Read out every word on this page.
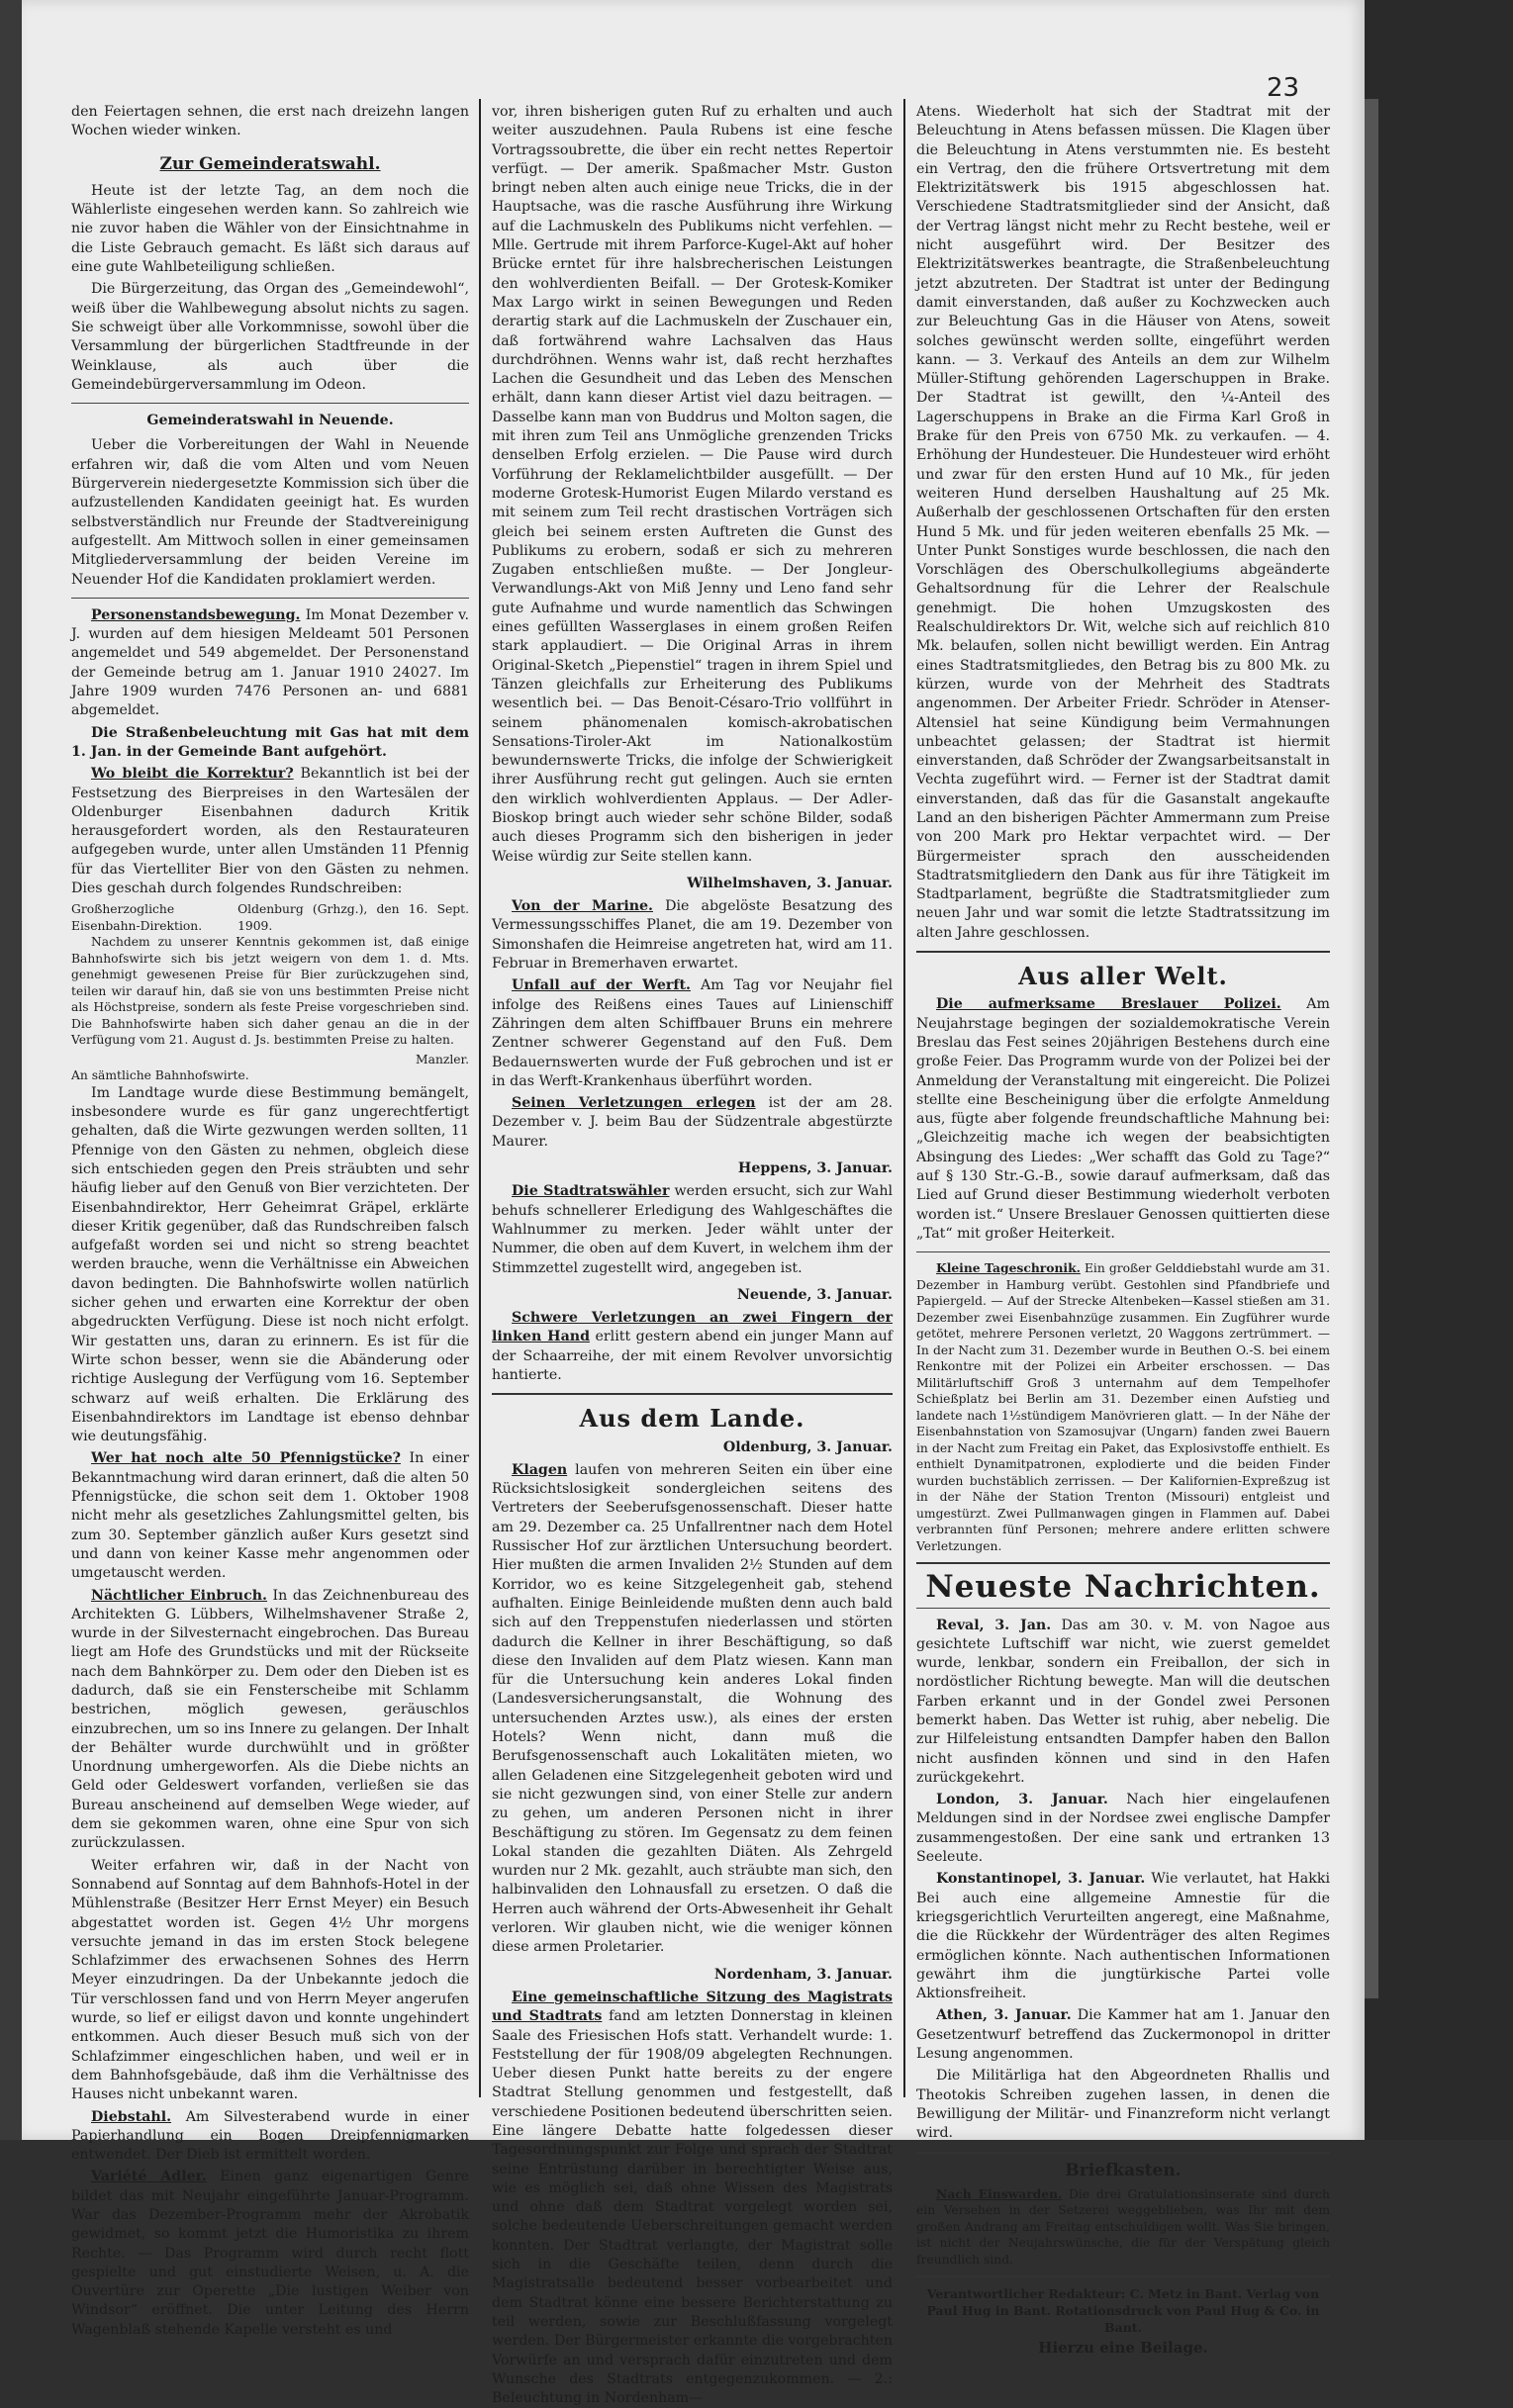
23

den Feiertagen sehnen, die erst nach dreizehn langen Wochen wieder winken.

Zur Gemeinderatswahl.

Heute ist der letzte Tag, an dem noch die Wählerliste eingesehen werden kann. So zahlreich wie nie zuvor haben die Wähler von der Einsichtnahme in die Liste Gebrauch gemacht. Es läßt sich daraus auf eine gute Wahlbeteiligung schließen.

Die Bürgerzeitung, das Organ des „Gemeindewohl“, weiß über die Wahlbewegung absolut nichts zu sagen. Sie schweigt über alle Vorkommnisse, sowohl über die Versammlung der bürgerlichen Stadtfreunde in der Weinklause, als auch über die Gemeindebürgerversammlung im Odeon.

Gemeinderatswahl in Neuende.

Ueber die Vorbereitungen der Wahl in Neuende erfahren wir, daß die vom Alten und vom Neuen Bürgerverein niedergesetzte Kommission sich über die aufzustellenden Kandidaten geeinigt hat. Es wurden selbstverständlich nur Freunde der Stadtvereinigung aufgestellt. Am Mittwoch sollen in einer gemeinsamen Mitgliederversammlung der beiden Vereine im Neuender Hof die Kandidaten proklamiert werden.

Personenstandsbewegung. Im Monat Dezember v. J. wurden auf dem hiesigen Meldeamt 501 Personen angemeldet und 549 abgemeldet. Der Personenstand der Gemeinde betrug am 1. Januar 1910 24027. Im Jahre 1909 wurden 7476 Personen an- und 6881 abgemeldet.

Die Straßenbeleuchtung mit Gas hat mit dem 1. Jan. in der Gemeinde Bant aufgehört.

Wo bleibt die Korrektur? Bekanntlich ist bei der Festsetzung des Bierpreises in den Wartesälen der Oldenburger Eisenbahnen dadurch Kritik herausgefordert worden, als den Restaurateuren aufgegeben wurde, unter allen Umständen 11 Pfennig für das Viertelliter Bier von den Gästen zu nehmen. Dies geschah durch folgendes Rundschreiben:

Großherzogliche Eisenbahn-Direktion.
Oldenburg (Grhzg.), den 16. Sept. 1909.

Nachdem zu unserer Kenntnis gekommen ist, daß einige Bahnhofswirte sich bis jetzt weigern von dem 1. d. Mts. genehmigt gewesenen Preise für Bier zurückzugehen sind, teilen wir darauf hin, daß sie von uns bestimmten Preise nicht als Höchstpreise, sondern als feste Preise vorgeschrieben sind. Die Bahnhofswirte haben sich daher genau an die in der Verfügung vom 21. August d. Js. bestimmten Preise zu halten.

Manzler.
An sämtliche Bahnhofswirte.

Im Landtage wurde diese Bestimmung bemängelt, insbesondere wurde es für ganz ungerechtfertigt gehalten, daß die Wirte gezwungen werden sollten, 11 Pfennige von den Gästen zu nehmen, obgleich diese sich entschieden gegen den Preis sträubten und sehr häufig lieber auf den Genuß von Bier verzichteten. Der Eisenbahndirektor, Herr Geheimrat Gräpel, erklärte dieser Kritik gegenüber, daß das Rundschreiben falsch aufgefaßt worden sei und nicht so streng beachtet werden brauche, wenn die Verhältnisse ein Abweichen davon bedingten. Die Bahnhofswirte wollen natürlich sicher gehen und erwarten eine Korrektur der oben abgedruckten Verfügung. Diese ist noch nicht erfolgt. Wir gestatten uns, daran zu erinnern. Es ist für die Wirte schon besser, wenn sie die Abänderung oder richtige Auslegung der Verfügung vom 16. September schwarz auf weiß erhalten. Die Erklärung des Eisenbahndirektors im Landtage ist ebenso dehnbar wie deutungsfähig.

Wer hat noch alte 50 Pfennigstücke? In einer Bekanntmachung wird daran erinnert, daß die alten 50 Pfennigstücke, die schon seit dem 1. Oktober 1908 nicht mehr als gesetzliches Zahlungsmittel gelten, bis zum 30. September gänzlich außer Kurs gesetzt sind und dann von keiner Kasse mehr angenommen oder umgetauscht werden.

Nächtlicher Einbruch. In das Zeichnenbureau des Architekten G. Lübbers, Wilhelmshavener Straße 2, wurde in der Silvesternacht eingebrochen. Das Bureau liegt am Hofe des Grundstücks und mit der Rückseite nach dem Bahnkörper zu. Dem oder den Dieben ist es dadurch, daß sie ein Fensterscheibe mit Schlamm bestrichen, möglich gewesen, geräuschlos einzubrechen, um so ins Innere zu gelangen. Der Inhalt der Behälter wurde durchwühlt und in größter Unordnung umhergeworfen. Als die Diebe nichts an Geld oder Geldeswert vorfanden, verließen sie das Bureau anscheinend auf demselben Wege wieder, auf dem sie gekommen waren, ohne eine Spur von sich zurückzulassen.

Weiter erfahren wir, daß in der Nacht von Sonnabend auf Sonntag auf dem Bahnhofs-Hotel in der Mühlenstraße (Besitzer Herr Ernst Meyer) ein Besuch abgestattet worden ist. Gegen 4½ Uhr morgens versuchte jemand in das im ersten Stock belegene Schlafzimmer des erwachsenen Sohnes des Herrn Meyer einzudringen. Da der Unbekannte jedoch die Tür verschlossen fand und von Herrn Meyer angerufen wurde, so lief er eiligst davon und konnte ungehindert entkommen. Auch dieser Besuch muß sich von der Schlafzimmer eingeschlichen haben, und weil er in dem Bahnhofsgebäude, daß ihm die Verhältnisse des Hauses nicht unbekannt waren.

Diebstahl. Am Silvesterabend wurde in einer Papierhandlung ein Bogen Dreipfennigmarken entwendet. Der Dieb ist ermittelt worden.

Variété Adler. Einen ganz eigenartigen Genre bildet das mit Neujahr eingeführte Januar-Programm. War das Dezember-Programm mehr der Akrobatik gewidmet, so kommt jetzt die Humoristika zu ihrem Rechte. — Das Programm wird durch recht flott gespielte und gut einstudierte Weisen, u. A. die Ouvertüre zur Operette „Die lustigen Weiber von Windsor“ eröffnet. Die unter Leitung des Herrn Wagenblaß stehende Kapelle versteht es und

vor, ihren bisherigen guten Ruf zu erhalten und auch weiter auszudehnen. Paula Rubens ist eine fesche Vortragssoubrette, die über ein recht nettes Repertoir verfügt. — Der amerik. Spaßmacher Mstr. Guston bringt neben alten auch einige neue Tricks, die in der Hauptsache, was die rasche Ausführung ihre Wirkung auf die Lachmuskeln des Publikums nicht verfehlen. — Mlle. Gertrude mit ihrem Parforce-Kugel-Akt auf hoher Brücke erntet für ihre halsbrecherischen Leistungen den wohlverdienten Beifall. — Der Grotesk-Komiker Max Largo wirkt in seinen Bewegungen und Reden derartig stark auf die Lachmuskeln der Zuschauer ein, daß fortwährend wahre Lachsalven das Haus durchdröhnen. Wenns wahr ist, daß recht herzhaftes Lachen die Gesundheit und das Leben des Menschen erhält, dann kann dieser Artist viel dazu beitragen. — Dasselbe kann man von Buddrus und Molton sagen, die mit ihren zum Teil ans Unmögliche grenzenden Tricks denselben Erfolg erzielen. — Die Pause wird durch Vorführung der Reklamelichtbilder ausgefüllt. — Der moderne Grotesk-Humorist Eugen Milardo verstand es mit seinem zum Teil recht drastischen Vorträgen sich gleich bei seinem ersten Auftreten die Gunst des Publikums zu erobern, sodaß er sich zu mehreren Zugaben entschließen mußte. — Der Jongleur-Verwandlungs-Akt von Miß Jenny und Leno fand sehr gute Aufnahme und wurde namentlich das Schwingen eines gefüllten Wasserglases in einem großen Reifen stark applaudiert. — Die Original Arras in ihrem Original-Sketch „Piepenstiel“ tragen in ihrem Spiel und Tänzen gleichfalls zur Erheiterung des Publikums wesentlich bei. — Das Benoit-Césaro-Trio vollführt in seinem phänomenalen komisch-akrobatischen Sensations-Tiroler-Akt im Nationalkostüm bewundernswerte Tricks, die infolge der Schwierigkeit ihrer Ausführung recht gut gelingen. Auch sie ernten den wirklich wohlverdienten Applaus. — Der Adler-Bioskop bringt auch wieder sehr schöne Bilder, sodaß auch dieses Programm sich den bisherigen in jeder Weise würdig zur Seite stellen kann.

Wilhelmshaven, 3. Januar.

Von der Marine. Die abgelöste Besatzung des Vermessungsschiffes Planet, die am 19. Dezember von Simonshafen die Heimreise angetreten hat, wird am 11. Februar in Bremerhaven erwartet.

Unfall auf der Werft. Am Tag vor Neujahr fiel infolge des Reißens eines Taues auf Linienschiff Zähringen dem alten Schiffbauer Bruns ein mehrere Zentner schwerer Gegenstand auf den Fuß. Dem Bedauernswerten wurde der Fuß gebrochen und ist er in das Werft-Krankenhaus überführt worden.

Seinen Verletzungen erlegen ist der am 28. Dezember v. J. beim Bau der Südzentrale abgestürzte Maurer.

Heppens, 3. Januar.

Die Stadtratswähler werden ersucht, sich zur Wahl behufs schnellerer Erledigung des Wahlgeschäftes die Wahlnummer zu merken. Jeder wählt unter der Nummer, die oben auf dem Kuvert, in welchem ihm der Stimmzettel zugestellt wird, angegeben ist.

Neuende, 3. Januar.

Schwere Verletzungen an zwei Fingern der linken Hand erlitt gestern abend ein junger Mann auf der Schaarreihe, der mit einem Revolver unvorsichtig hantierte.

Aus dem Lande.
Oldenburg, 3. Januar.

Klagen laufen von mehreren Seiten ein über eine Rücksichtslosigkeit sondergleichen seitens des Vertreters der Seeberufsgenossenschaft. Dieser hatte am 29. Dezember ca. 25 Unfallrentner nach dem Hotel Russischer Hof zur ärztlichen Untersuchung beordert. Hier mußten die armen Invaliden 2½ Stunden auf dem Korridor, wo es keine Sitzgelegenheit gab, stehend aufhalten. Einige Beinleidende mußten denn auch bald sich auf den Treppenstufen niederlassen und störten dadurch die Kellner in ihrer Beschäftigung, so daß diese den Invaliden auf dem Platz wiesen. Kann man für die Untersuchung kein anderes Lokal finden (Landesversicherungsanstalt, die Wohnung des untersuchenden Arztes usw.), als eines der ersten Hotels? Wenn nicht, dann muß die Berufsgenossenschaft auch Lokalitäten mieten, wo allen Geladenen eine Sitzgelegenheit geboten wird und sie nicht gezwungen sind, von einer Stelle zur andern zu gehen, um anderen Personen nicht in ihrer Beschäftigung zu stören. Im Gegensatz zu dem feinen Lokal standen die gezahlten Diäten. Als Zehrgeld wurden nur 2 Mk. gezahlt, auch sträubte man sich, den halbinvaliden den Lohnausfall zu ersetzen. O daß die Herren auch während der Orts-Abwesenheit ihr Gehalt verloren. Wir glauben nicht, wie die weniger können diese armen Proletarier.

Nordenham, 3. Januar.

Eine gemeinschaftliche Sitzung des Magistrats und Stadtrats fand am letzten Donnerstag in kleinen Saale des Friesischen Hofs statt. Verhandelt wurde: 1. Feststellung der für 1908/09 abgelegten Rechnungen. Ueber diesen Punkt hatte bereits zu der engere Stadtrat Stellung genommen und festgestellt, daß verschiedene Positionen bedeutend überschritten seien. Eine längere Debatte hatte folgedessen dieser Tagesordnungspunkt zur Folge und sprach der Stadtrat seine Entrüstung darüber in berechtigter Weise aus, wie es möglich sei, daß ohne Wissen des Magistrats und ohne daß dem Stadtrat vorgelegt worden sei, solche bedeutende Ueberschreitungen gemacht werden konnten. Der Stadtrat verlangte, der Magistrat solle sich in die Geschäfte teilen, denn durch die Magistratsalle bedeutend besser vorbearbeitet und dem Stadtrat könne eine bessere Berichterstattung zu teil werden, sowie zur Beschlußfassung vorgelegt werden. Der Bürgermeister erkannte die vorgebrachten Vorwürfe an und versprach dafür einzutreten und dem Wunsche des Stadtrats entgegenzukommen. — 2.: Beleuchtung in Nordenham—

Atens. Wiederholt hat sich der Stadtrat mit der Beleuchtung in Atens befassen müssen. Die Klagen über die Beleuchtung in Atens verstummten nie. Es besteht ein Vertrag, den die frühere Ortsvertretung mit dem Elektrizitätswerk bis 1915 abgeschlossen hat. Verschiedene Stadtratsmitglieder sind der Ansicht, daß der Vertrag längst nicht mehr zu Recht bestehe, weil er nicht ausgeführt wird. Der Besitzer des Elektrizitätswerkes beantragte, die Straßenbeleuchtung jetzt abzutreten. Der Stadtrat ist unter der Bedingung damit einverstanden, daß außer zu Kochzwecken auch zur Beleuchtung Gas in die Häuser von Atens, soweit solches gewünscht werden sollte, eingeführt werden kann. — 3. Verkauf des Anteils an dem zur Wilhelm Müller-Stiftung gehörenden Lagerschuppen in Brake. Der Stadtrat ist gewillt, den ¼-Anteil des Lagerschuppens in Brake an die Firma Karl Groß in Brake für den Preis von 6750 Mk. zu verkaufen. — 4. Erhöhung der Hundesteuer. Die Hundesteuer wird erhöht und zwar für den ersten Hund auf 10 Mk., für jeden weiteren Hund derselben Haushaltung auf 25 Mk. Außerhalb der geschlossenen Ortschaften für den ersten Hund 5 Mk. und für jeden weiteren ebenfalls 25 Mk. — Unter Punkt Sonstiges wurde beschlossen, die nach den Vorschlägen des Oberschulkollegiums abgeänderte Gehaltsordnung für die Lehrer der Realschule genehmigt. Die hohen Umzugskosten des Realschuldirektors Dr. Wit, welche sich auf reichlich 810 Mk. belaufen, sollen nicht bewilligt werden. Ein Antrag eines Stadtratsmitgliedes, den Betrag bis zu 800 Mk. zu kürzen, wurde von der Mehrheit des Stadtrats angenommen. Der Arbeiter Friedr. Schröder in Atenser-Altensiel hat seine Kündigung beim Vermahnungen unbeachtet gelassen; der Stadtrat ist hiermit einverstanden, daß Schröder der Zwangsarbeitsanstalt in Vechta zugeführt wird. — Ferner ist der Stadtrat damit einverstanden, daß das für die Gasanstalt angekaufte Land an den bisherigen Pächter Ammermann zum Preise von 200 Mark pro Hektar verpachtet wird. — Der Bürgermeister sprach den ausscheidenden Stadtratsmitgliedern den Dank aus für ihre Tätigkeit im Stadtparlament, begrüßte die Stadtratsmitglieder zum neuen Jahr und war somit die letzte Stadtratssitzung im alten Jahre geschlossen.

Aus aller Welt.

Die aufmerksame Breslauer Polizei. Am Neujahrstage begingen der sozialdemokratische Verein Breslau das Fest seines 20jährigen Bestehens durch eine große Feier. Das Programm wurde von der Polizei bei der Anmeldung der Veranstaltung mit eingereicht. Die Polizei stellte eine Bescheinigung über die erfolgte Anmeldung aus, fügte aber folgende freundschaftliche Mahnung bei: „Gleichzeitig mache ich wegen der beabsichtigten Absingung des Liedes: „Wer schafft das Gold zu Tage?“ auf § 130 Str.-G.-B., sowie darauf aufmerksam, daß das Lied auf Grund dieser Bestimmung wiederholt verboten worden ist.“ Unsere Breslauer Genossen quittierten diese „Tat“ mit großer Heiterkeit.

Kleine Tageschronik. Ein großer Gelddiebstahl wurde am 31. Dezember in Hamburg verübt. Gestohlen sind Pfandbriefe und Papiergeld. — Auf der Strecke Altenbeken—Kassel stießen am 31. Dezember zwei Eisenbahnzüge zusammen. Ein Zugführer wurde getötet, mehrere Personen verletzt, 20 Waggons zertrümmert. — In der Nacht zum 31. Dezember wurde in Beuthen O.-S. bei einem Renkontre mit der Polizei ein Arbeiter erschossen. — Das Militärluftschiff Groß 3 unternahm auf dem Tempelhofer Schießplatz bei Berlin am 31. Dezember einen Aufstieg und landete nach 1½stündigem Manövrieren glatt. — In der Nähe der Eisenbahnstation von Szamosujvar (Ungarn) fanden zwei Bauern in der Nacht zum Freitag ein Paket, das Explosivstoffe enthielt. Es enthielt Dynamitpatronen, explodierte und die beiden Finder wurden buchstäblich zerrissen. — Der Kalifornien-Expreßzug ist in der Nähe der Station Trenton (Missouri) entgleist und umgestürzt. Zwei Pullmanwagen gingen in Flammen auf. Dabei verbrannten fünf Personen; mehrere andere erlitten schwere Verletzungen.

Neueste Nachrichten.

Reval, 3. Jan. Das am 30. v. M. von Nagoe aus gesichtete Luftschiff war nicht, wie zuerst gemeldet wurde, lenkbar, sondern ein Freiballon, der sich in nordöstlicher Richtung bewegte. Man will die deutschen Farben erkannt und in der Gondel zwei Personen bemerkt haben. Das Wetter ist ruhig, aber nebelig. Die zur Hilfeleistung entsandten Dampfer haben den Ballon nicht ausfinden können und sind in den Hafen zurückgekehrt.

London, 3. Januar. Nach hier eingelaufenen Meldungen sind in der Nordsee zwei englische Dampfer zusammengestoßen. Der eine sank und ertranken 13 Seeleute.

Konstantinopel, 3. Januar. Wie verlautet, hat Hakki Bei auch eine allgemeine Amnestie für die kriegsgerichtlich Verurteilten angeregt, eine Maßnahme, die die Rückkehr der Würdenträger des alten Regimes ermöglichen könnte. Nach authentischen Informationen gewährt ihm die jungtürkische Partei volle Aktionsfreiheit.

Athen, 3. Januar. Die Kammer hat am 1. Januar den Gesetzentwurf betreffend das Zuckermonopol in dritter Lesung angenommen.

Die Militärliga hat den Abgeordneten Rhallis und Theotokis Schreiben zugehen lassen, in denen die Bewilligung der Militär- und Finanzreform nicht verlangt wird.

Briefkasten.

Nach Einswarden. Die drei Gratulationsinserate sind durch ein Versehen in der Setzerei weggeblieben, was Ihr mit dem großen Andrang am Freitag entschuldigen wollt. Was Sie bringen, ist nicht der Neujahrswünsche, die für der Verspätung gleich freundlich sind.

Verantwortlicher Redakteur: C. Metz in Bant. Verlag von Paul Hug in Bant. Rotationsdruck von Paul Hug & Co. in Bant.
Hierzu eine Beilage.
